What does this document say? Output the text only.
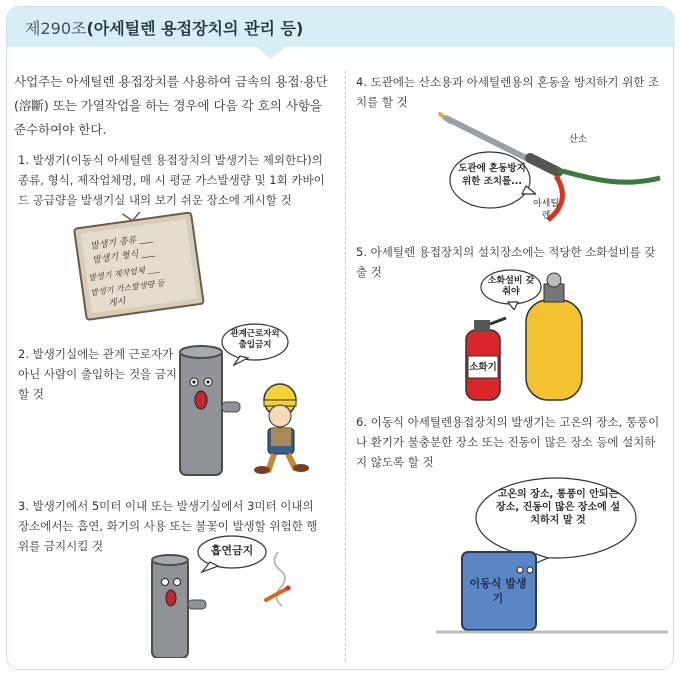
제290조 (아세틸렌 용접장치의 관리 등)
사업주는 아세틸렌 용접장치를 사용하여 금속의 용접·용단(溶斷) 또는 가열작업을 하는 경우에 다음 각 호의 사항을 준수하여야 한다.
1. 발생기(이동식 아세틸렌 용접장치의 발생기는 제외한다)의 종류, 형식, 제작업체명, 매 시 평균 가스발생량 및 1회 카바이드 공급량을 발생기실 내의 보기 쉬운 장소에 게시할 것
발생기 종류 ___
발생기 형식 ___
발생기 제작업체 ___
발생기 가스발생량 등
게시
2. 발생기실에는 관계 근로자가 아닌 사람이 출입하는 것을 금지할 것
관계근로자외 출입금지
3. 발생기에서 5미터 이내 또는 발생기실에서 3미터 이내의 장소에서는 흡연, 화기의 사용 또는 불꽃이 발생할 위험한 행위를 금지시킬 것	흡연금지
4. 도관에는 산소용과 아세틸렌용의 혼동을 방지하기 위한 조치를 할 것
산소
아세틸렌
도관에 혼동방지위한 조치를...
5. 아세틸렌 용접장치의 설치장소에는 적당한 소화설비를 갖출 것
소화기
소화설비 갖춰야
6. 이동식 아세틸렌용접장치의 발생기는 고온의 장소, 통풍이나 환기가 불충분한 장소 또는 진동이 많은 장소 등에 설치하지 않도록 할 것
고온의 장소, 통풍이 안되는 장소, 진동이 많은 장소에 설치하지 말 것
이동식 발생기
